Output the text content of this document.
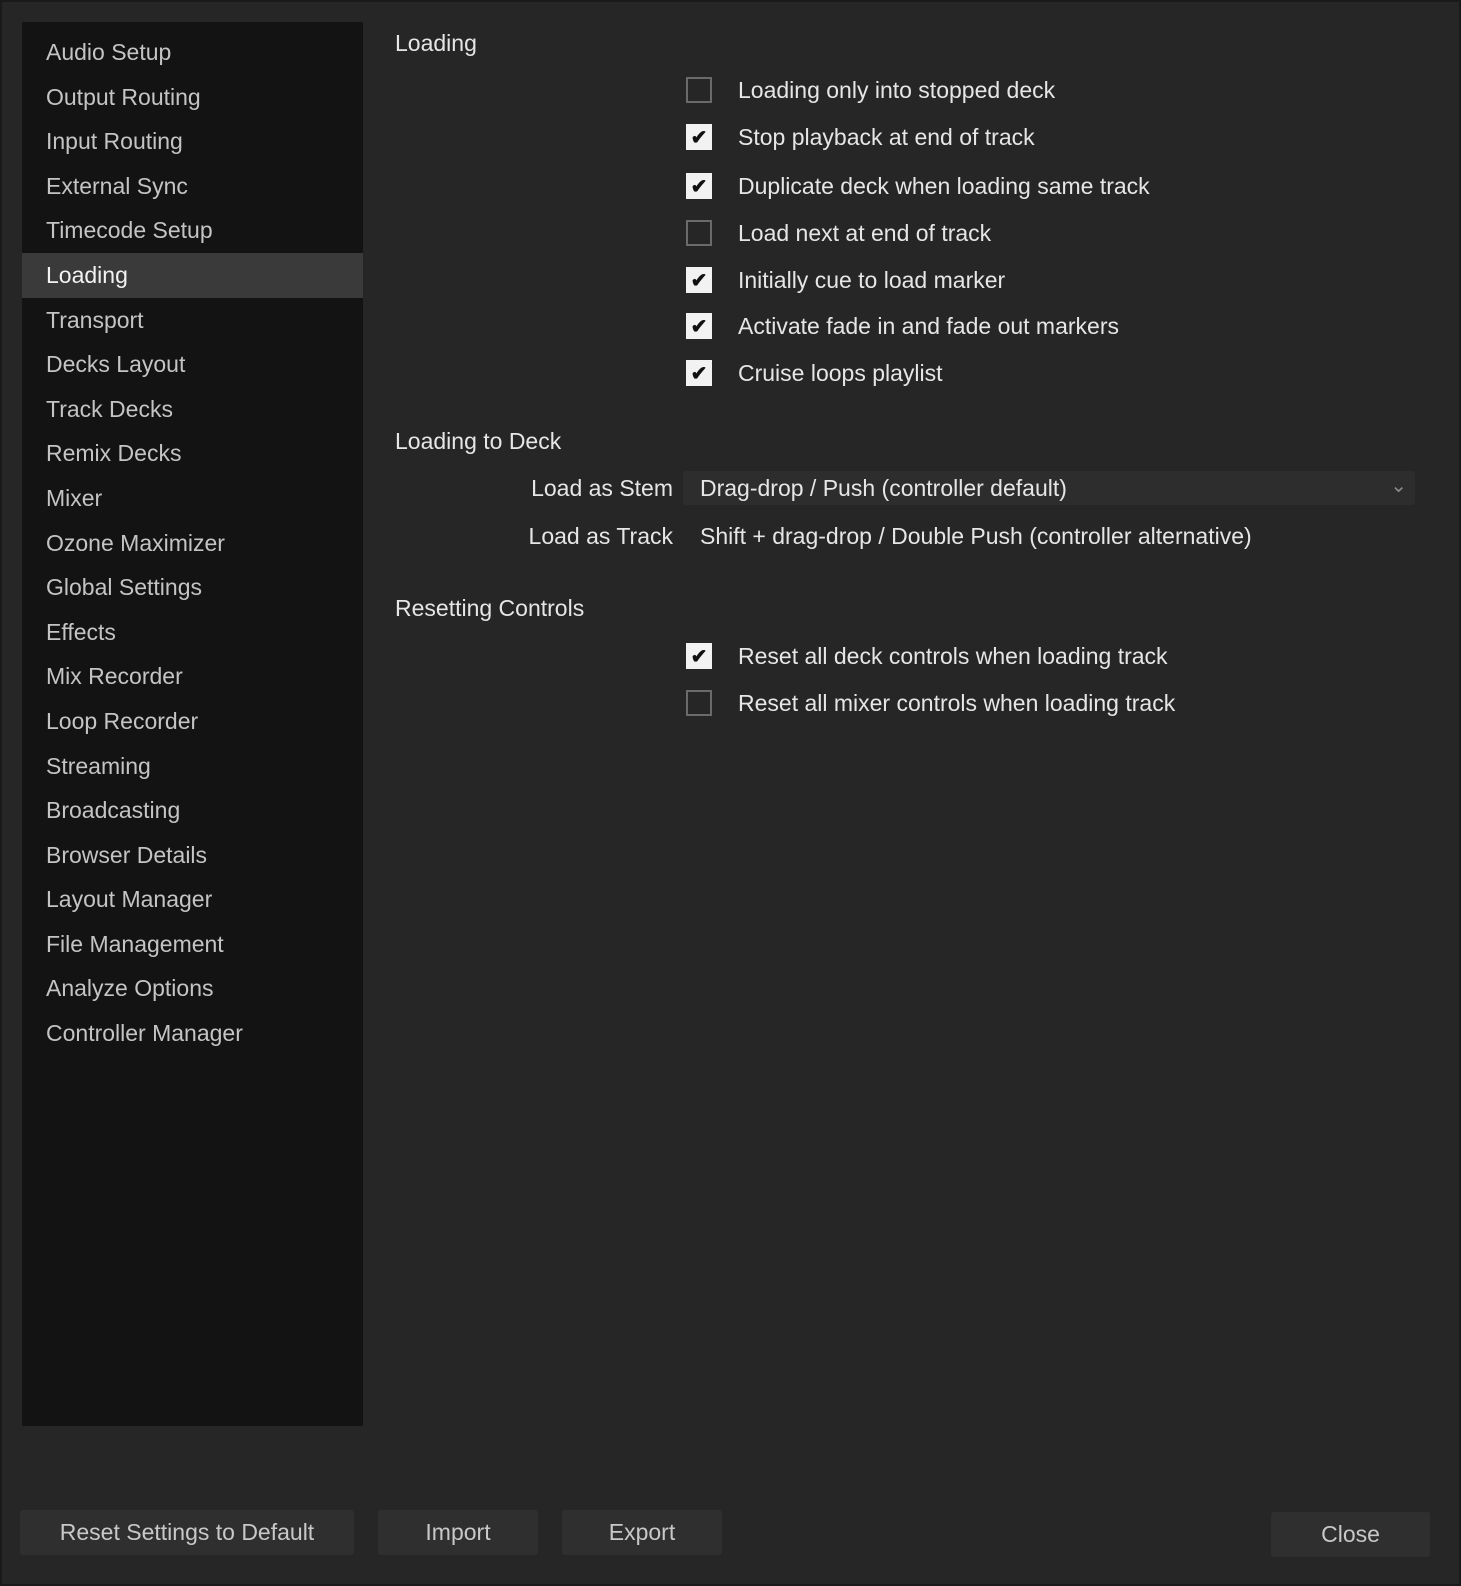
Audio Setup
Output Routing
Input Routing
External Sync
Timecode Setup
Loading
Transport
Decks Layout
Track Decks
Remix Decks
Mixer
Ozone Maximizer
Global Settings
Effects
Mix Recorder
Loop Recorder
Streaming
Broadcasting
Browser Details
Layout Manager
File Management
Analyze Options
Controller Manager
Loading
Loading only into stopped deck
✔ Stop playback at end of track
✔ Duplicate deck when loading same track
Load next at end of track
✔ Initially cue to load marker
✔ Activate fade in and fade out markers
✔ Cruise loops playlist
Loading to Deck
Load as Stem Drag-drop / Push (controller default)	⌄
Load as Track Shift + drag-drop / Double Push (controller alternative)
Resetting Controls
✔ Reset all deck controls when loading track
Reset all mixer controls when loading track
Reset Settings to Default	Import	Export	Close
